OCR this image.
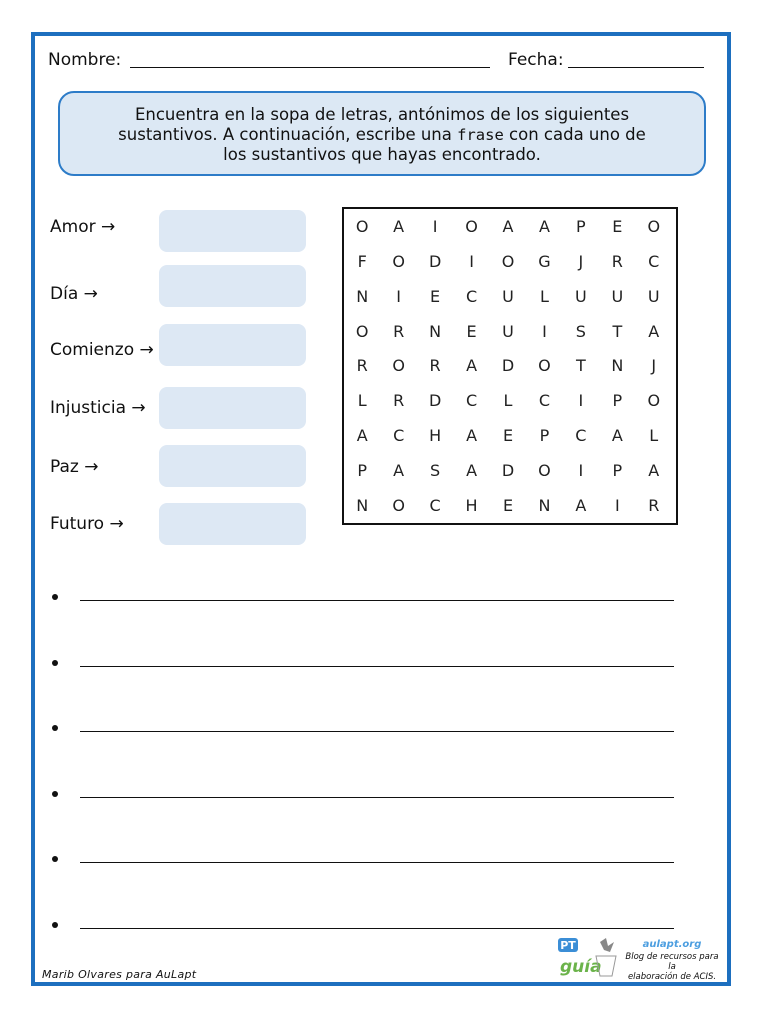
Nombre:	Fecha:
Encuentra en la sopa de letras, antónimos de los siguientes
sustantivos. A continuación, escribe una frase con cada uno de
los sustantivos que hayas encontrado.
Amor →
Día →
Comienzo →
Injusticia →
Paz →
Futuro →
O	A	I	O	A	A	P	E	O
F	O	D	I	O	G	J	R	C
N	I	E	C	U	L	U	U	U
O	R	N	E	U	I	S	T	A
R	O	R	A	D	O	T	N	J
L	R	D	C	L	C	I	P	O
A	C	H	A	E	P	C	A	L
P	A	S	A	D	O	I	P	A
N	O	C	H	E	N	A	I	R
Marib Olvares para AuLapt
PT
guía
aulapt.org
Blog de recursos para la
elaboración de ACIS.
